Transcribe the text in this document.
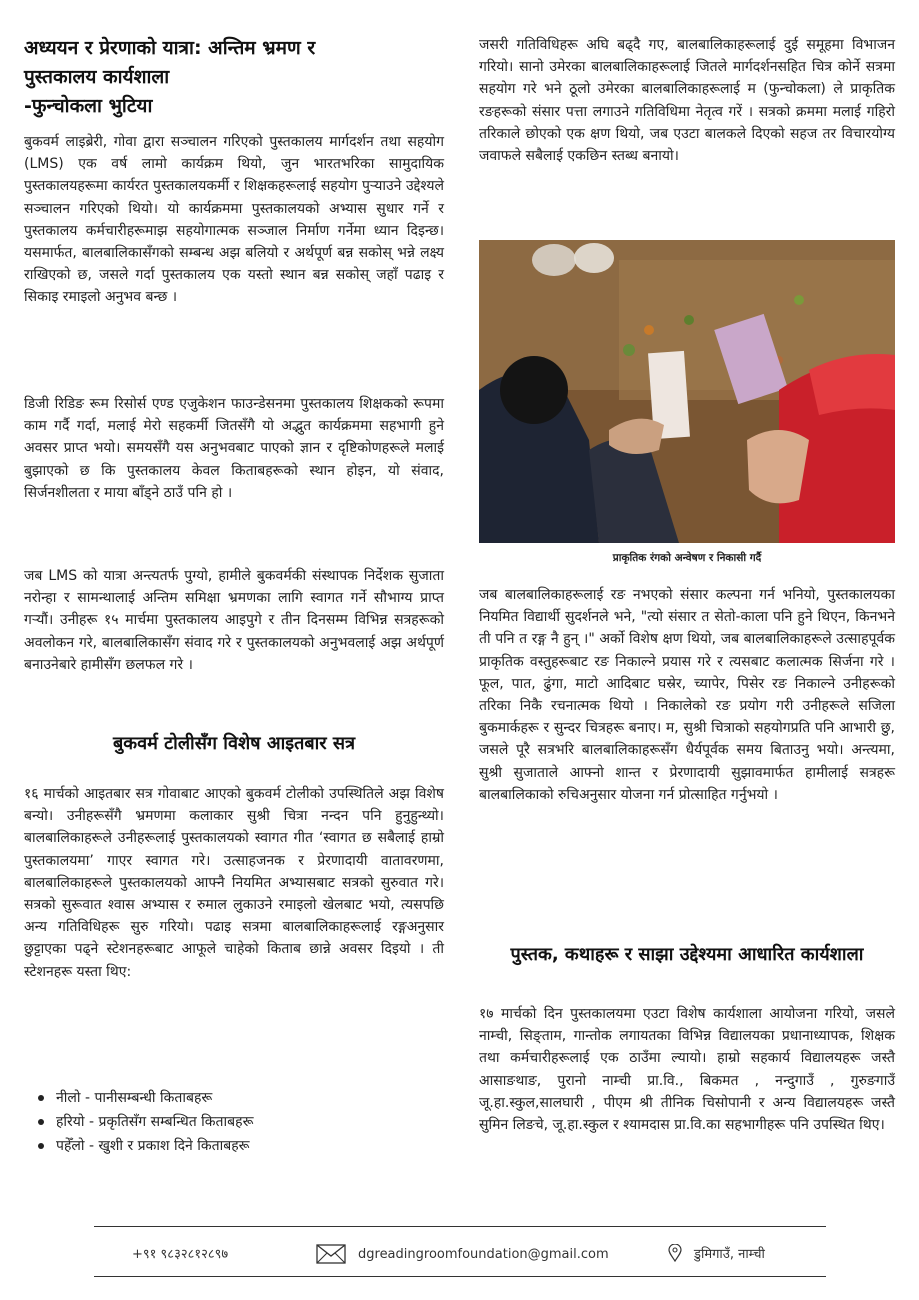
अध्ययन र प्रेरणाको यात्रा: अन्तिम भ्रमण र
पुस्तकालय कार्यशाला
-फुन्चोकला भुटिया

बुकवर्म लाइब्रेरी, गोवा द्वारा सञ्चालन गरिएको पुस्तकालय मार्गदर्शन तथा सहयोग (LMS) एक वर्ष लामो कार्यक्रम थियो, जुन भारतभरिका सामुदायिक पुस्तकालयहरूमा कार्यरत पुस्तकालयकर्मी र शिक्षकहरूलाई सहयोग पुर्‍याउने उद्देश्यले सञ्चालन गरिएको थियो। यो कार्यक्रममा पुस्तकालयको अभ्यास सुधार गर्ने र पुस्तकालय कर्मचारीहरूमाझ सहयोगात्मक सञ्जाल निर्माण गर्नेमा ध्यान दिइन्छ। यसमार्फत, बालबालिकासँगको सम्बन्ध अझ बलियो र अर्थपूर्ण बन्न सकोस् भन्ने लक्ष्य राखिएको छ, जसले गर्दा पुस्तकालय एक यस्तो स्थान बन्न सकोस् जहाँ पढाइ र सिकाइ रमाइलो अनुभव बन्छ ।

डिजी रिडिङ रूम रिसोर्स एण्ड एजुकेशन फाउन्डेसनमा पुस्तकालय शिक्षकको रूपमा काम गर्दै गर्दा, मलाई मेरो सहकर्मी जितसँगै यो अद्भुत कार्यक्रममा सहभागी हुने अवसर प्राप्त भयो। समयसँगै यस अनुभवबाट पाएको ज्ञान र दृष्टिकोणहरूले मलाई बुझाएको छ कि पुस्तकालय केवल किताबहरूको स्थान होइन, यो संवाद, सिर्जनशीलता र माया बाँड्ने ठाउँ पनि हो ।

जब LMS को यात्रा अन्त्यतर्फ पुग्यो, हामीले बुकवर्मकी संस्थापक निर्देशक सुजाता नरोन्हा र सामन्थालाई अन्तिम समिक्षा भ्रमणका लागि स्वागत गर्ने सौभाग्य प्राप्त गर्‍यौं। उनीहरू १५ मार्चमा पुस्तकालय आइपुगे र तीन दिनसम्म विभिन्न सत्रहरूको अवलोकन गरे, बालबालिकासँग संवाद गरे र पुस्तकालयको अनुभवलाई अझ अर्थपूर्ण बनाउनेबारे हामीसँग छलफल गरे ।

बुकवर्म टोलीसँग विशेष आइतबार सत्र

१६ मार्चको आइतबार सत्र गोवाबाट आएको बुकवर्म टोलीको उपस्थितिले अझ विशेष बन्यो। उनीहरूसँगै भ्रमणमा कलाकार सुश्री चित्रा नन्दन पनि हुनुहुन्थ्यो। बालबालिकाहरूले उनीहरूलाई पुस्तकालयको स्वागत गीत ‘स्वागत छ सबैलाई हाम्रो पुस्तकालयमा’ गाएर स्वागत गरे। उत्साहजनक र प्रेरणादायी वातावरणमा, बालबालिकाहरूले पुस्तकालयको आफ्नै नियमित अभ्यासबाट सत्रको सुरुवात गरे। सत्रको सुरूवात श्वास अभ्यास र रुमाल लुकाउने रमाइलो खेलबाट भयो, त्यसपछि अन्य गतिविधिहरू सुरु गरियो। पढाइ सत्रमा बालबालिकाहरूलाई रङ्गअनुसार छुट्टाएका पढ्ने स्टेशनहरूबाट आफूले चाहेको किताब छान्ने अवसर दिइयो । ती स्टेशनहरू यस्ता थिए:

नीलो - पानीसम्बन्धी किताबहरू
हरियो - प्रकृतिसँग सम्बन्धित किताबहरू
पहेँलो - खुशी र प्रकाश दिने किताबहरू

जसरी गतिविधिहरू अघि बढ्दै गए, बालबालिकाहरूलाई दुई समूहमा विभाजन गरियो। सानो उमेरका बालबालिकाहरूलाई जितले मार्गदर्शनसहित चित्र कोर्ने सत्रमा सहयोग गरे भने ठूलो उमेरका बालबालिकाहरूलाई म (फुन्चोकला) ले प्राकृतिक रङहरूको संसार पत्ता लगाउने गतिविधिमा नेतृत्व गरें । सत्रको क्रममा मलाई गहिरो तरिकाले छोएको एक क्षण थियो, जब एउटा बालकले दिएको सहज तर विचारयोग्य जवाफले सबैलाई एकछिन स्तब्ध बनायो।

प्राकृतिक रंगको अन्वेषण र निकासी गर्दै

जब बालबालिकाहरूलाई रङ नभएको संसार कल्पना गर्न भनियो, पुस्तकालयका नियमित विद्यार्थी सुदर्शनले भने, "त्यो संसार त सेतो-काला पनि हुने थिएन, किनभने ती पनि त रङ्ग नै हुन् ।" अर्को विशेष क्षण थियो, जब बालबालिकाहरूले उत्साहपूर्वक प्राकृतिक वस्तुहरूबाट रङ निकाल्ने प्रयास गरे र त्यसबाट कलात्मक सिर्जना गरे । फूल, पात, ढुंगा, माटो आदिबाट घस्रेर, च्यापेर, पिसेर रङ निकाल्ने उनीहरूको तरिका निकै रचनात्मक थियो । निकालेको रङ प्रयोग गरी उनीहरूले सजिला बुकमार्कहरू र सुन्दर चित्रहरू बनाए। म, सुश्री चित्राको सहयोगप्रति पनि आभारी छु, जसले पूरै सत्रभरि बालबालिकाहरूसँग धैर्यपूर्वक समय बिताउनु भयो। अन्त्यमा, सुश्री सुजाताले आफ्नो शान्त र प्रेरणादायी सुझावमार्फत हामीलाई सत्रहरू बालबालिकाको रुचिअनुसार योजना गर्न प्रोत्साहित गर्नुभयो ।

पुस्तक, कथाहरू र साझा उद्देश्यमा आधारित कार्यशाला

१७ मार्चको दिन पुस्तकालयमा एउटा विशेष कार्यशाला आयोजना गरियो, जसले नाम्ची, सिङ्ताम, गान्तोक लगायतका विभिन्न विद्यालयका प्रधानाध्यापक, शिक्षक तथा कर्मचारीहरूलाई एक ठाउँमा ल्यायो। हाम्रो सहकार्य विद्यालयहरू जस्तै आसाङथाङ, पुरानो नाम्ची प्रा.वि., बिकमत , नन्दुगाउँ , गुरुङगाउँ जू.हा.स्कुल,सालघारी , पीएम श्री तीनिक चिसोपानी र अन्य विद्यालयहरू जस्तै सुमिन लिङचे, जू.हा.स्कुल र श्यामदास प्रा.वि.का सहभागीहरू पनि उपस्थित थिए।

+९१ ९८३२८१२८९७	dgreadingroomfoundation@gmail.com	डुमिगाउँ, नाम्ची
